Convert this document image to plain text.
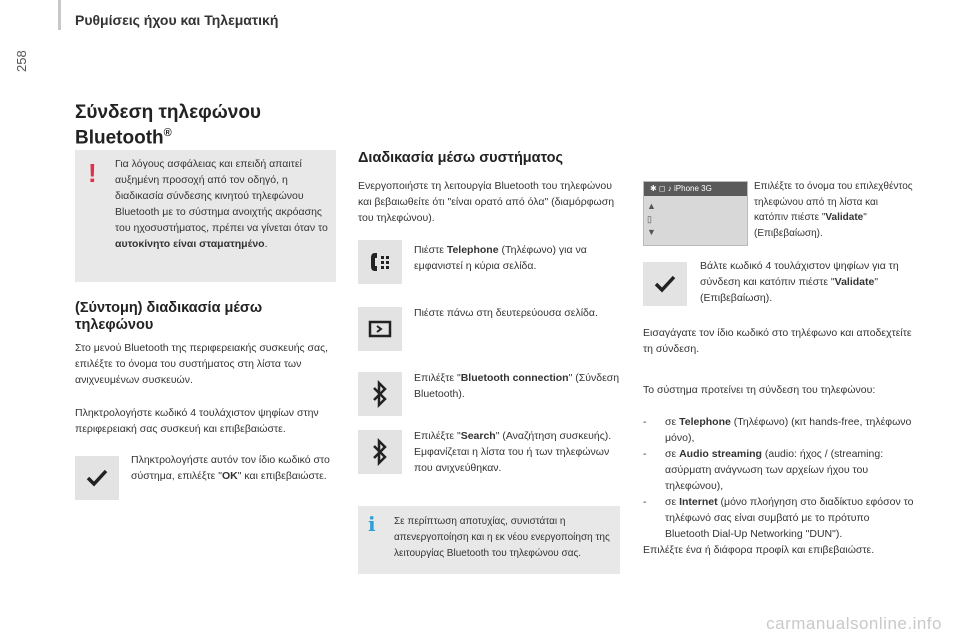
Ρυθμίσεις ήχου και Τηλεματική
258
Σύνδεση τηλεφώνου
Bluetooth®
! Για λόγους ασφάλειας και επειδή απαιτεί αυξημένη προσοχή από τον οδηγό, η διαδικασία σύνδεσης κινητού τηλεφώνου Bluetooth με το σύστημα ανοιχτής ακρόασης του ηχοσυστήματος, πρέπει να γίνεται όταν το αυτοκίνητο είναι σταματημένο.
(Σύντομη) διαδικασία μέσω
τηλεφώνου
Στο μενού Bluetooth της περιφερειακής συσκευής σας, επιλέξτε το όνομα του συστήματος στη λίστα των ανιχνευμένων συσκευών.
Πληκτρολογήστε κωδικό 4 τουλάχιστον ψηφίων στην περιφερειακή σας συσκευή και επιβεβαιώστε.
Πληκτρολογήστε αυτόν τον ίδιο κωδικό στο σύστημα, επιλέξτε "OK" και επιβεβαιώστε.
Διαδικασία μέσω συστήματος
Ενεργοποιήστε τη λειτουργία Bluetooth του τηλεφώνου και βεβαιωθείτε ότι "είναι ορατό από όλα" (διαμόρφωση του τηλεφώνου).
Πιέστε Telephone (Τηλέφωνο) για να εμφανιστεί η κύρια σελίδα.
Πιέστε πάνω στη δευτερεύουσα σελίδα.
Επιλέξτε "Bluetooth connection" (Σύνδεση Bluetooth).
Επιλέξτε "Search" (Αναζήτηση συσκευής).
Εμφανίζεται η λίστα του ή των τηλεφώνων που ανιχνεύθηκαν.
i Σε περίπτωση αποτυχίας, συνιστάται η απενεργοποίηση και η εκ νέου ενεργοποίηση της λειτουργίας Bluetooth του τηλεφώνου σας.
✱ ◻ ♪ iPhone 3G
▲
▯
▼
Επιλέξτε το όνομα του επιλεχθέντος τηλεφώνου από τη λίστα και κατόπιν πιέστε "Validate" (Επιβεβαίωση).
Βάλτε κωδικό 4 τουλάχιστον ψηφίων για τη σύνδεση και κατόπιν πιέστε "Validate" (Επιβεβαίωση).
Εισαγάγατε τον ίδιο κωδικό στο τηλέφωνο και αποδεχτείτε τη σύνδεση.
Το σύστημα προτείνει τη σύνδεση του τηλεφώνου:
- σε Telephone (Τηλέφωνο) (κιτ hands-free, τηλέφωνο μόνο),
- σε Audio streaming (audio: ήχος / (streaming: ασύρματη ανάγνωση των αρχείων ήχου του τηλεφώνου),
- σε Internet (μόνο πλοήγηση στο διαδίκτυο εφόσον το τηλέφωνό σας είναι συμβατό με το πρότυπο Bluetooth Dial-Up Networking "DUN").
Επιλέξτε ένα ή διάφορα προφίλ και επιβεβαιώστε.
carmanualsonline.info
